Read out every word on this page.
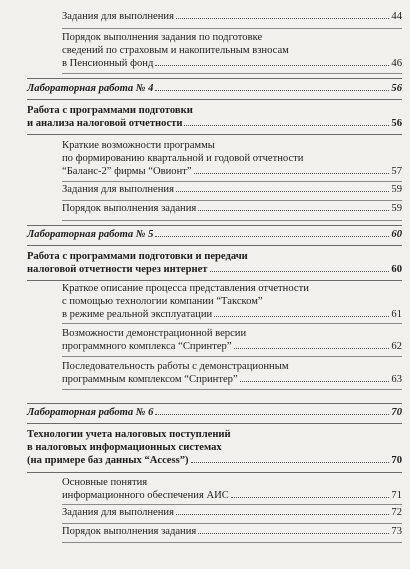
Задания для выполнения	44
Порядок выполнения задания по подготовке
сведений по страховым и накопительным взносам
в Пенсионный фонд	46
Лабораторная работа № 4	56
Работа с программами подготовки
и анализа налоговой отчетности	56
Краткие возможности программы
по формированию квартальной и годовой отчетности
“Баланс-2” фирмы “Овионт”	57
Задания для выполнения	59
Порядок выполнения задания	59
Лабораторная работа № 5	60
Работа с программами подготовки и передачи
налоговой отчетности через интернет	60
Краткое описание процесса представления отчетности
с помощью технологии компании “Такском”
в режиме реальной эксплуатации	61
Возможности демонстрационной версии
программного комплекса “Спринтер”	62
Последовательность работы с демонстрационным
программным комплексом “Спринтер”	63
Лабораторная работа № 6	70
Технологии учета налоговых поступлений
в налоговых информационных системах
(на примере баз данных “Access”)	70
Основные понятия
информационного обеспечения АИС	71
Задания для выполнения	72
Порядок выполнения задания	73
